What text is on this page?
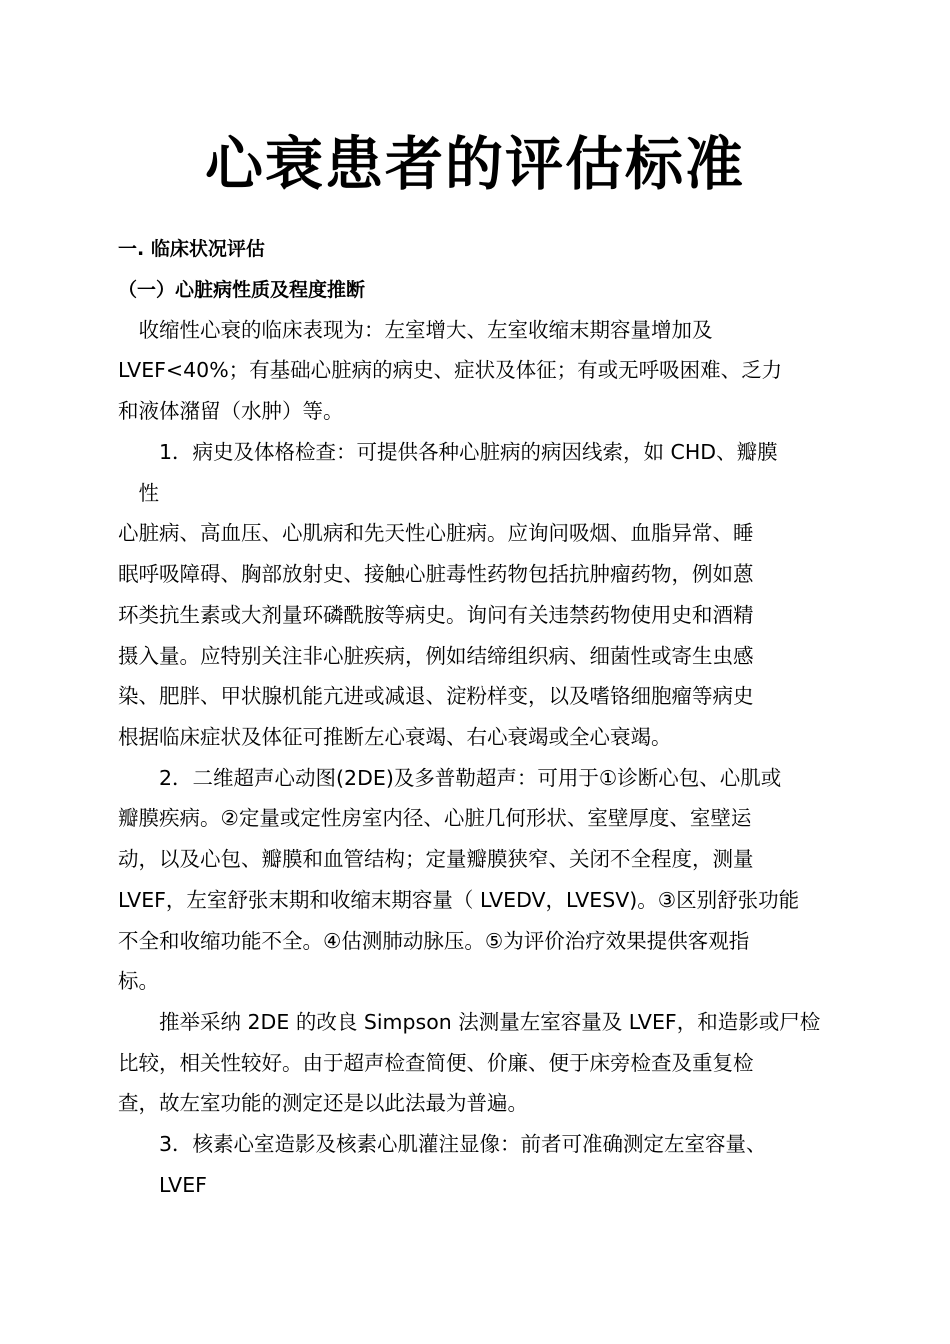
心衰患者的评估标准
一. 临床状况评估
（一）心脏病性质及程度推断
　收缩性心衰的临床表现为：左室增大、左室收缩末期容量增加及
LVEF<40%；有基础心脏病的病史、症状及体征；有或无呼吸困难、乏力
和液体潴留（水肿）等。
　　1．病史及体格检查：可提供各种心脏病的病因线索，如 CHD、瓣膜
　性
心脏病、高血压、心肌病和先天性心脏病。应询问吸烟、血脂异常、睡
眠呼吸障碍、胸部放射史、接触心脏毒性药物包括抗肿瘤药物，例如蒽
环类抗生素或大剂量环磷酰胺等病史。询问有关违禁药物使用史和酒精
摄入量。应特别关注非心脏疾病，例如结缔组织病、细菌性或寄生虫感
染、肥胖、甲状腺机能亢进或减退、淀粉样变，以及嗜铬细胞瘤等病史
根据临床症状及体征可推断左心衰竭、右心衰竭或全心衰竭。
　　2．二维超声心动图(2DE)及多普勒超声：可用于①诊断心包、心肌或
瓣膜疾病。②定量或定性房室内径、心脏几何形状、室壁厚度、室壁运
动，以及心包、瓣膜和血管结构；定量瓣膜狭窄、关闭不全程度，测量
LVEF，左室舒张末期和收缩末期容量（ LVEDV，LVESV)。③区别舒张功能
不全和收缩功能不全。④估测肺动脉压。⑤为评价治疗效果提供客观指
标。
　　推举采纳 2DE 的改良 Simpson 法测量左室容量及 LVEF，和造影或尸检
比较，相关性较好。由于超声检查简便、价廉、便于床旁检查及重复检
查，故左室功能的测定还是以此法最为普遍。
　　3．核素心室造影及核素心肌灌注显像：前者可准确测定左室容量、
　　LVEF
